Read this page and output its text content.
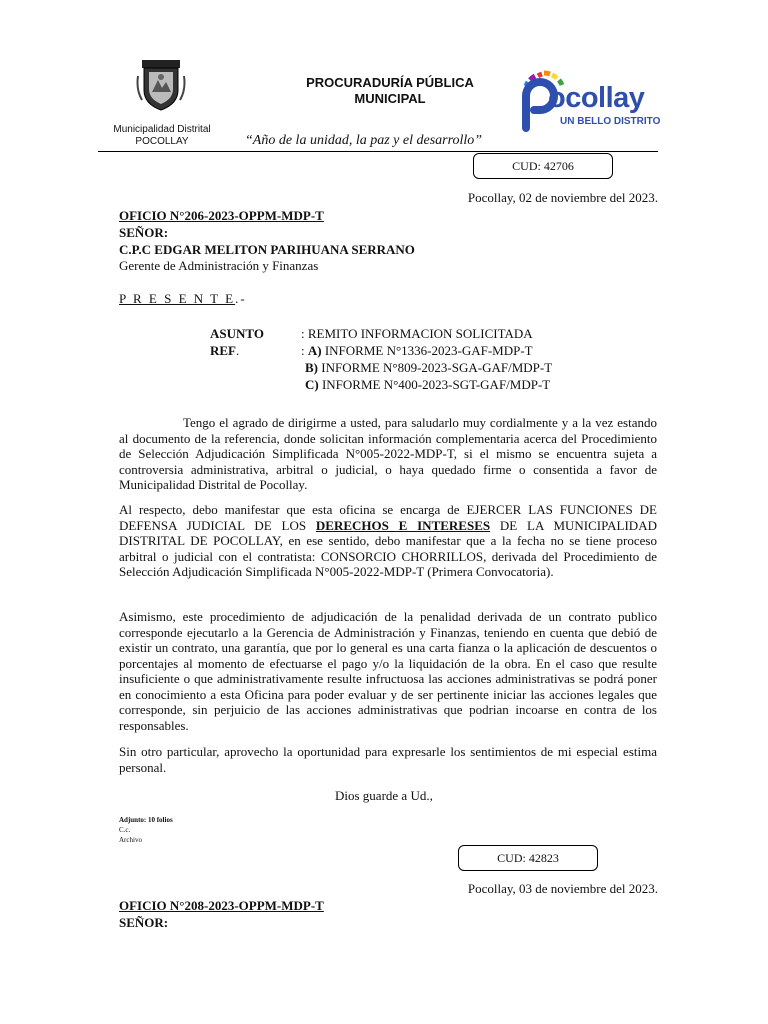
Municipalidad Distrital
POCOLLAY
PROCURADURÍA PÚBLICA
MUNICIPAL
“Año de la unidad, la paz y el desarrollo”
ocollay
UN BELLO DISTRITO
CUD: 42706
Pocollay, 02 de noviembre del 2023.
OFICIO N°206-2023-OPPM-MDP-T
SEÑOR:
C.P.C EDGAR MELITON PARIHUANA SERRANO
Gerente de Administración y Finanzas
P R E S E N T E.-
ASUNTO
REF.
: REMITO INFORMACION SOLICITADA
: A) INFORME N°1336-2023-GAF-MDP-T
B) INFORME N°809-2023-SGA-GAF/MDP-T
C) INFORME N°400-2023-SGT-GAF/MDP-T
Tengo el agrado de dirigirme a usted, para saludarlo muy cordialmente y a la vez estando al documento de la referencia, donde solicitan información complementaria acerca del Procedimiento de Selección Adjudicación Simplificada N°005-2022-MDP-T, si el mismo se encuentra sujeta a controversia administrativa, arbitral o judicial, o haya quedado firme o consentida a favor de Municipalidad Distrital de Pocollay.
Al respecto, debo manifestar que esta oficina se encarga de EJERCER LAS FUNCIONES DE DEFENSA JUDICIAL DE LOS DERECHOS E INTERESES DE LA MUNICIPALIDAD DISTRITAL DE POCOLLAY, en ese sentido, debo manifestar que a la fecha no se tiene proceso arbitral o judicial con el contratista: CONSORCIO CHORRILLOS, derivada del Procedimiento de Selección Adjudicación Simplificada N°005-2022-MDP-T (Primera Convocatoria).
Asimismo, este procedimiento de adjudicación de la penalidad derivada de un contrato publico corresponde ejecutarlo a la Gerencia de Administración y Finanzas, teniendo en cuenta que debió de existir un contrato, una garantía, que por lo general es una carta fianza o la aplicación de descuentos o porcentajes al momento de efectuarse el pago y/o la liquidación de la obra. En el caso que resulte insuficiente o que administrativamente resulte infructuosa las acciones administrativas se podrá poner en conocimiento a esta Oficina para poder evaluar y de ser pertinente iniciar las acciones legales que corresponde, sin perjuicio de las acciones administrativas que podrian incoarse en contra de los responsables.
Sin otro particular, aprovecho la oportunidad para expresarle los sentimientos de mi especial estima personal.
Dios guarde a Ud.,
Adjunto: 10 folios
C.c.
Archivo
CUD: 42823
Pocollay, 03 de noviembre del 2023.
OFICIO N°208-2023-OPPM-MDP-T
SEÑOR:
